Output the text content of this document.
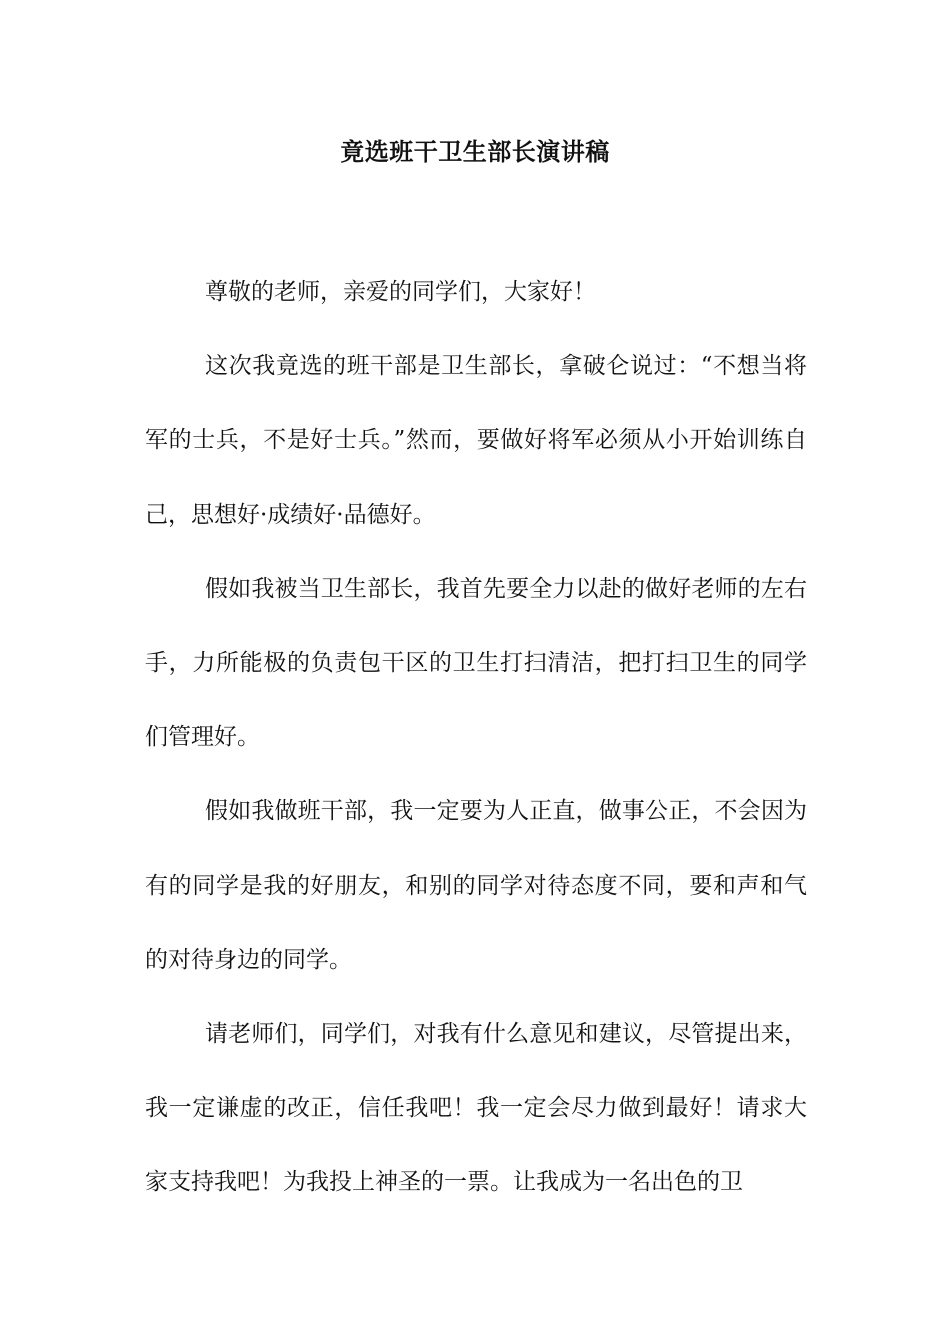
竟选班干卫生部长演讲稿

尊敬的老师，亲爱的同学们，大家好！

这次我竟选的班干部是卫生部长，拿破仑说过：“不想当将军的士兵，不是好士兵。”然而，要做好将军必须从小开始训练自己，思想好·成绩好·品德好。

假如我被当卫生部长，我首先要全力以赴的做好老师的左右手，力所能极的负责包干区的卫生打扫清洁，把打扫卫生的同学们管理好。

假如我做班干部，我一定要为人正直，做事公正，不会因为有的同学是我的好朋友，和别的同学对待态度不同，要和声和气的对待身边的同学。

请老师们，同学们，对我有什么意见和建议，尽管提出来，我一定谦虚的改正，信任我吧！我一定会尽力做到最好！请求大家支持我吧！为我投上神圣的一票。让我成为一名出色的卫
